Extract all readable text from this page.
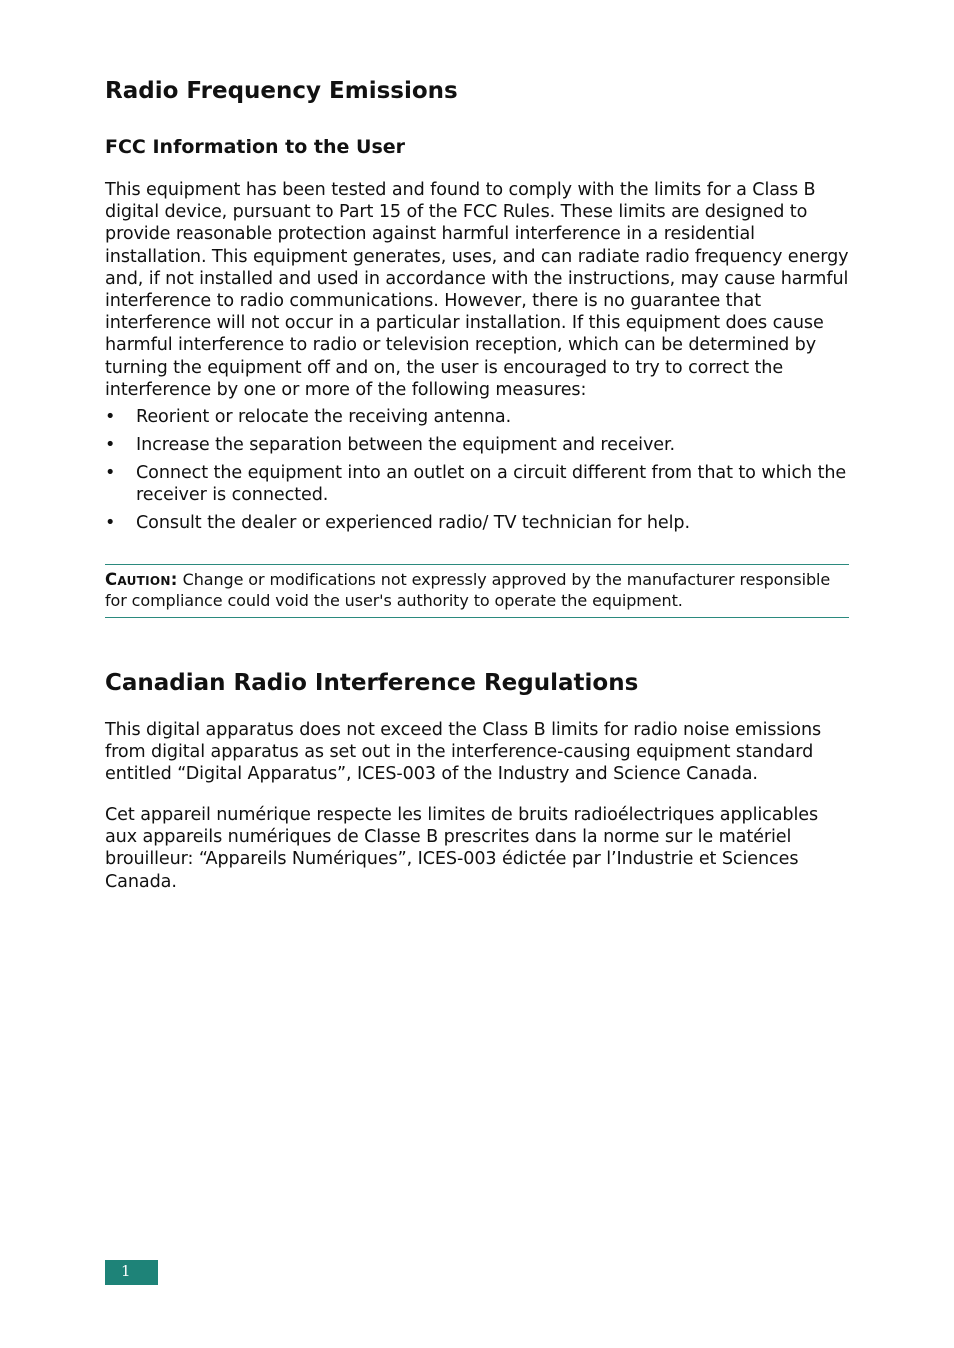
Radio Frequency Emissions
FCC Information to the User

This equipment has been tested and found to comply with the limits for a Class B digital device, pursuant to Part 15 of the FCC Rules. These limits are designed to provide reasonable protection against harmful interference in a residential installation. This equipment generates, uses, and can radiate radio frequency energy and, if not installed and used in accordance with the instructions, may cause harmful interference to radio communications. However, there is no guarantee that interference will not occur in a particular installation. If this equipment does cause harmful interference to radio or television reception, which can be determined by turning the equipment off and on, the user is encouraged to try to correct the interference by one or more of the following measures:

• Reorient or relocate the receiving antenna.
• Increase the separation between the equipment and receiver.
• Connect the equipment into an outlet on a circuit different from that to which the receiver is connected.
• Consult the dealer or experienced radio/ TV technician for help.

Caution: Change or modifications not expressly approved by the manufacturer responsible for compliance could void the user's authority to operate the equipment.

Canadian Radio Interference Regulations

This digital apparatus does not exceed the Class B limits for radio noise emissions from digital apparatus as set out in the interference-causing equipment standard entitled “Digital Apparatus”, ICES-003 of the Industry and Science Canada.

Cet appareil numérique respecte les limites de bruits radioélectriques applicables aux appareils numériques de Classe B prescrites dans la norme sur le matériel brouilleur: “Appareils Numériques”, ICES-003 édictée par l’Industrie et Sciences Canada.

1
